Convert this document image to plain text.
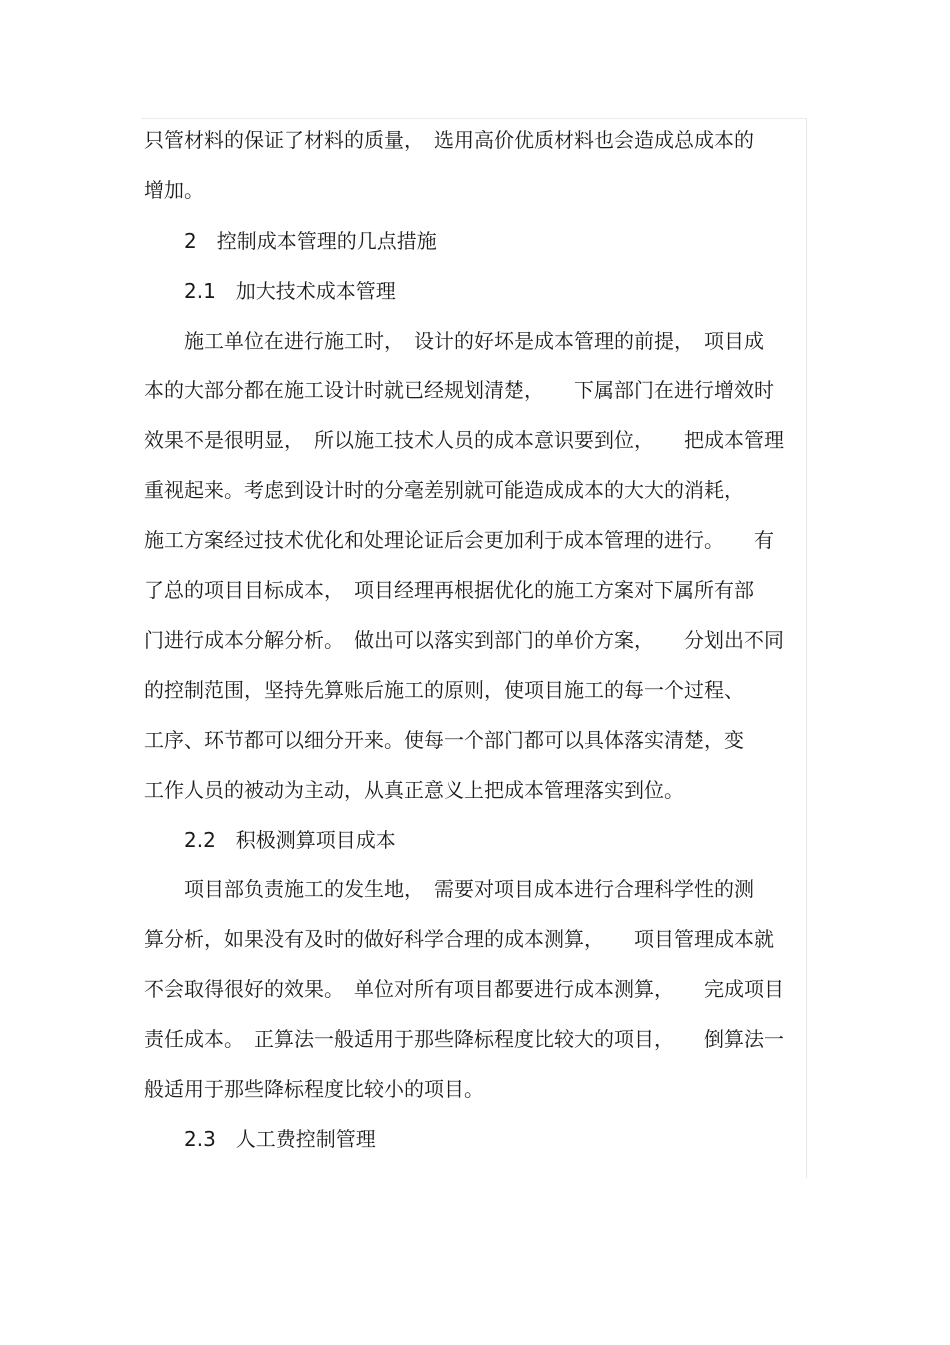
只管材料的保证了材料的质量，　选用高价优质材料也会造成总成本的
增加。
　　2　控制成本管理的几点措施
　　2.1　加大技术成本管理
　　施工单位在进行施工时，　设计的好坏是成本管理的前提，　项目成
本的大部分都在施工设计时就已经规划清楚，　　下属部门在进行增效时
效果不是很明显，　所以施工技术人员的成本意识要到位，　　把成本管理
重视起来。考虑到设计时的分毫差别就可能造成成本的大大的消耗，
施工方案经过技术优化和处理论证后会更加利于成本管理的进行。　　有
了总的项目目标成本，　项目经理再根据优化的施工方案对下属所有部
门进行成本分解分析。　做出可以落实到部门的单价方案，　　分划出不同
的控制范围，坚持先算账后施工的原则，使项目施工的每一个过程、
工序、环节都可以细分开来。使每一个部门都可以具体落实清楚，变
工作人员的被动为主动，从真正意义上把成本管理落实到位。
　　2.2　积极测算项目成本
　　项目部负责施工的发生地，　需要对项目成本进行合理科学性的测
算分析，如果没有及时的做好科学合理的成本测算，　　项目管理成本就
不会取得很好的效果。　单位对所有项目都要进行成本测算，　　完成项目
责任成本。　正算法一般适用于那些降标程度比较大的项目，　　倒算法一
般适用于那些降标程度比较小的项目。
　　2.3　人工费控制管理
